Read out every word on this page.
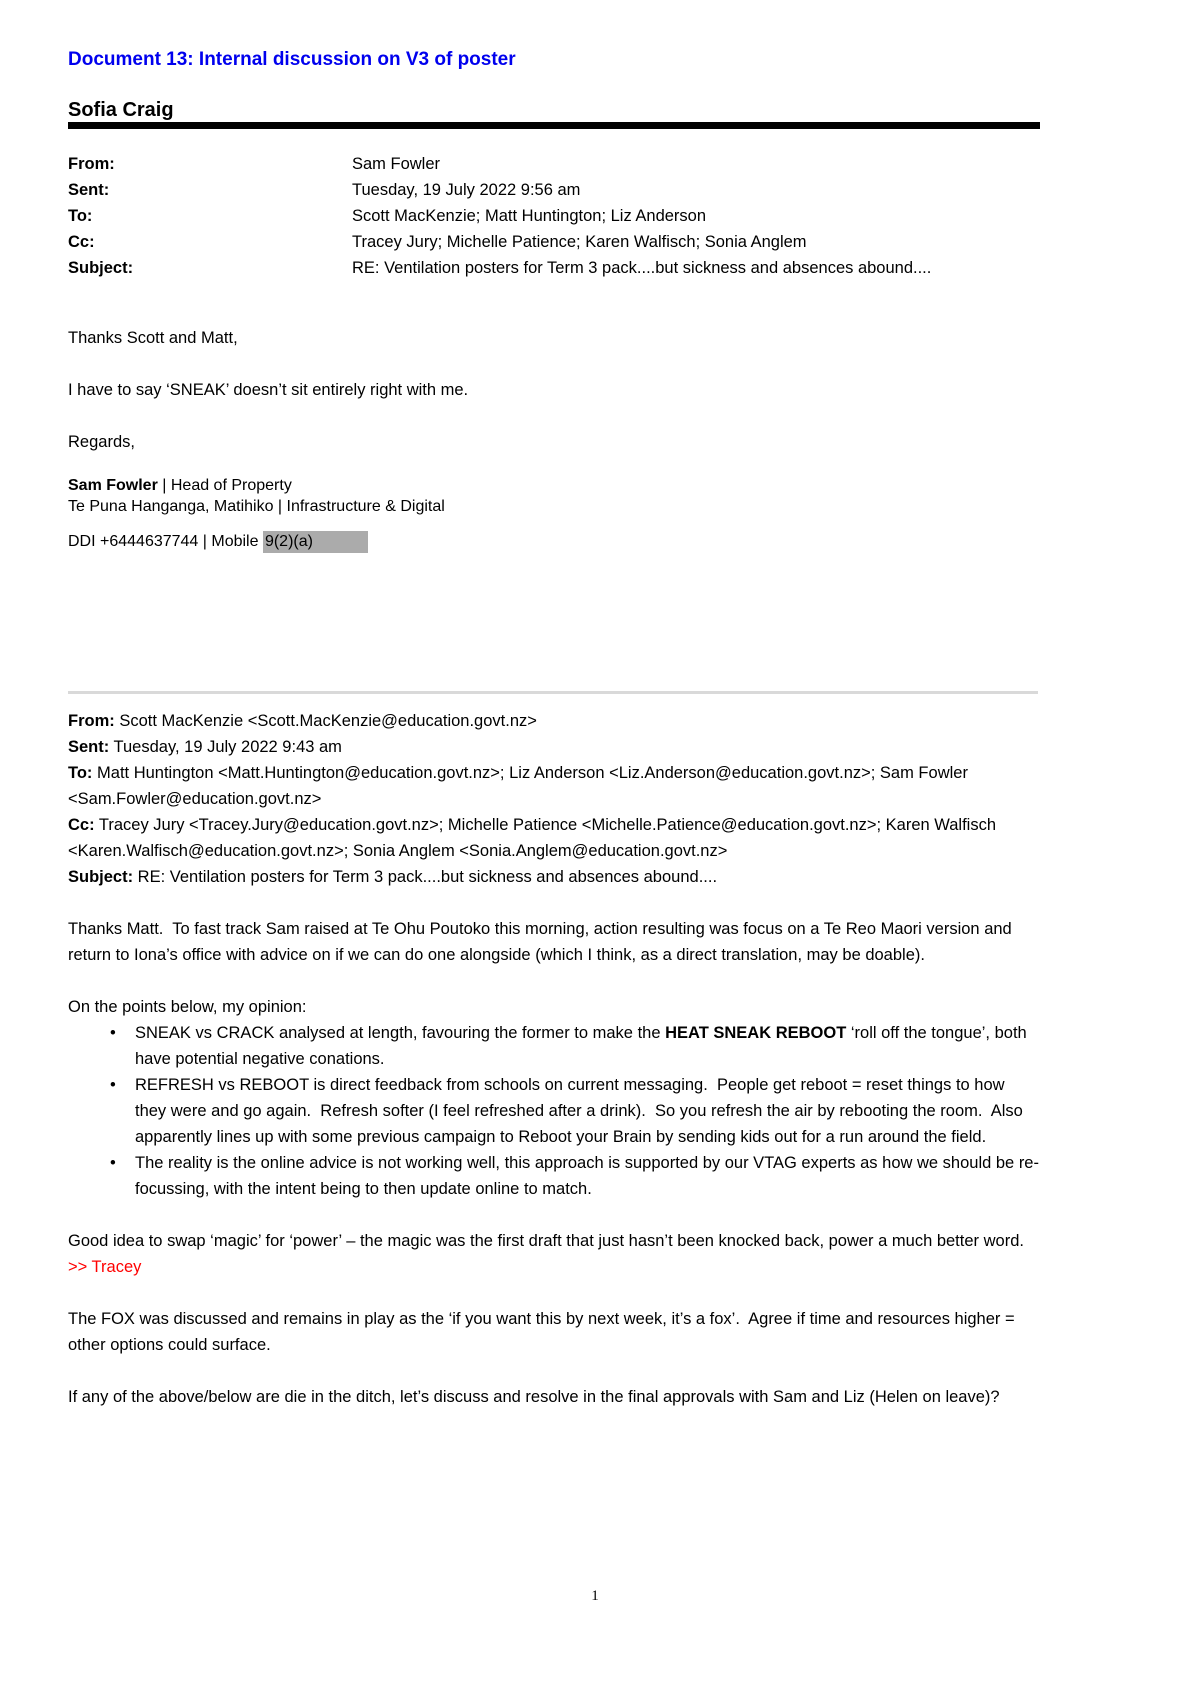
Document 13: Internal discussion on V3 of poster
Sofia Craig
From:	Sam Fowler
Sent:	Tuesday, 19 July 2022 9:56 am
To:	Scott MacKenzie; Matt Huntington; Liz Anderson
Cc:	Tracey Jury; Michelle Patience; Karen Walfisch; Sonia Anglem
Subject:	RE: Ventilation posters for Term 3 pack....but sickness and absences abound....

Thanks Scott and Matt,

I have to say ‘SNEAK’ doesn’t sit entirely right with me.

Regards,

Sam Fowler | Head of Property
Te Puna Hanganga, Matihiko | Infrastructure & Digital
DDI +6444637744 | Mobile 9(2)(a)

From: Scott MacKenzie <Scott.MacKenzie@education.govt.nz>

Sent: Tuesday, 19 July 2022 9:43 am

To: Matt Huntington <Matt.Huntington@education.govt.nz>; Liz Anderson <Liz.Anderson@education.govt.nz>; Sam Fowler <Sam.Fowler@education.govt.nz>

Cc: Tracey Jury <Tracey.Jury@education.govt.nz>; Michelle Patience <Michelle.Patience@education.govt.nz>; Karen Walfisch <Karen.Walfisch@education.govt.nz>; Sonia Anglem <Sonia.Anglem@education.govt.nz>

Subject: RE: Ventilation posters for Term 3 pack....but sickness and absences abound....

Thanks Matt.  To fast track Sam raised at Te Ohu Poutoko this morning, action resulting was focus on a Te Reo Maori version and return to Iona’s office with advice on if we can do one alongside (which I think, as a direct translation, may be doable).

On the points below, my opinion:

• SNEAK vs CRACK analysed at length, favouring the former to make the HEAT SNEAK REBOOT ‘roll off the tongue’, both have potential negative conations.
• REFRESH vs REBOOT is direct feedback from schools on current messaging.  People get reboot = reset things to how they were and go again.  Refresh softer (I feel refreshed after a drink).  So you refresh the air by rebooting the room.  Also apparently lines up with some previous campaign to Reboot your Brain by sending kids out for a run around the field.
• The reality is the online advice is not working well, this approach is supported by our VTAG experts as how we should be re-focussing, with the intent being to then update online to match.

Good idea to swap ‘magic’ for ‘power’ – the magic was the first draft that just hasn’t been knocked back, power a much better word.  >> Tracey

The FOX was discussed and remains in play as the ‘if you want this by next week, it’s a fox’.  Agree if time and resources higher = other options could surface.

If any of the above/below are die in the ditch, let’s discuss and resolve in the final approvals with Sam and Liz (Helen on leave)?

1
